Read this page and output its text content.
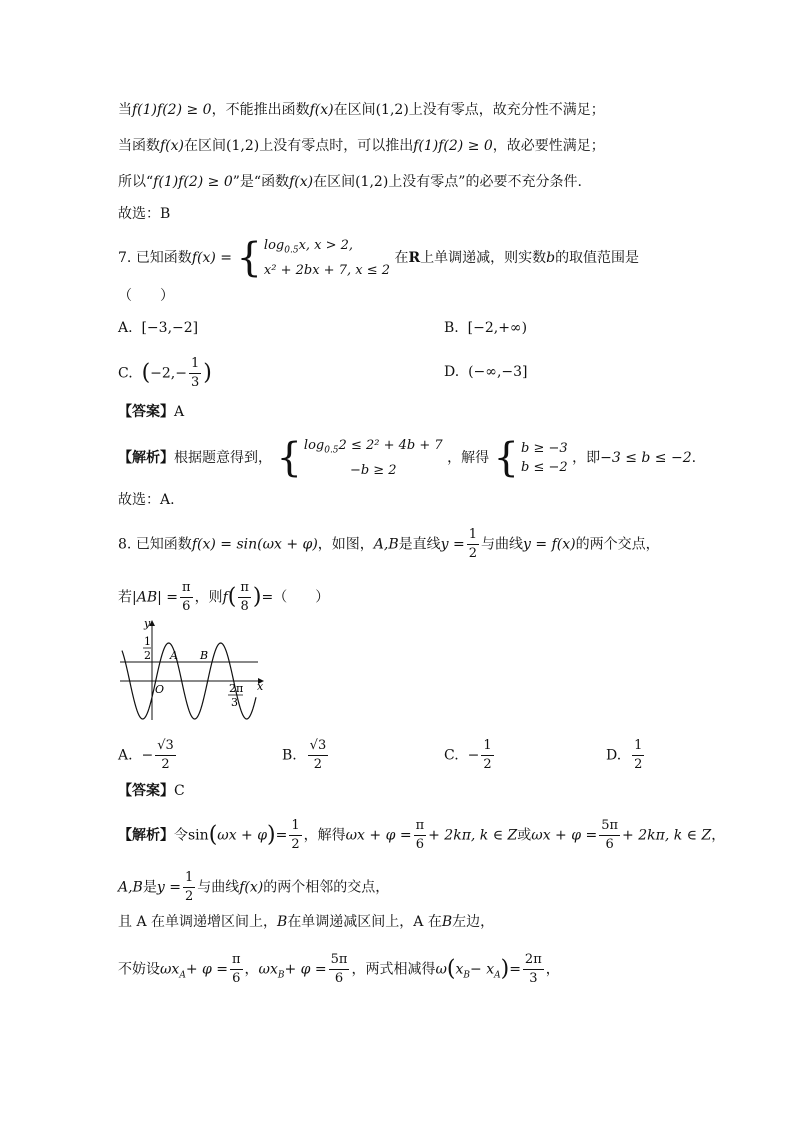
当f(1)f(2) ≥ 0，不能推出函数f(x)在区间(1,2)上没有零点，故充分性不满足；
当函数f(x)在区间(1,2)上没有零点时，可以推出f(1)f(2) ≥ 0，故必要性满足；
所以“f(1)f(2) ≥ 0”是“函数f(x)在区间(1,2)上没有零点”的必要不充分条件.
故选：B
7. 已知函数f(x) = { $\log_{0.5}x$, x > 2,
x² + 2bx + 7, x ≤ 2
在R上单调递减，则实数b的取值范围是
（　　）
A. [−3,−2]	B. [−2,+∞)
C. ($-2,- \frac{1}{3}$ )	D. (−∞,−3]
【答案】A
【解析】根据题意得到， { $\log_{0.5}2 \le 2^2 + 4b + 7$
−b ≥ 2
，解得 { b ≥ −3
b ≤ −2
，即−3 ≤ b ≤ −2.
故选：A.
8. 已知函数f(x) = sin(ωx + φ)，如图，A,B是直线$y = \frac{1}{2}$ 与曲线y = f(x)的两个交点，
若$|AB| = \frac{\pi}{6}$ ，则$f( \frac{\pi}{8}$ )=（　　）
y
1
2 A B
O	2π
3
x
A. − $\frac{√3}{2}$	B. $\frac{√3}{2}$	C. − $\frac{1}{2}$	D. $\frac{1}{2}$
【答案】C
【解析】令$\sin(\omega x + \varphi)= \frac{1}{2}$ ，解得$\omega x + \varphi = \frac{\pi}{6} + 2k\pi$, k ∈ Z或$\omega x + \varphi = \frac{5\pi}{6} + 2k\pi$, k ∈ Z，
A,B是$y = \frac{1}{2}$ 与曲线f(x)的两个相邻的交点，
且 A 在单调递增区间上，B在单调递减区间上，A 在B左边，
不妨设$\omega x_A+ \varphi = \frac{\pi}{6}$ ，$\omega x_B+ \varphi = \frac{5\pi}{6}$ ，两式相减得$\omega(x_B- x_A)= \frac{2\pi}{3}$ ，
